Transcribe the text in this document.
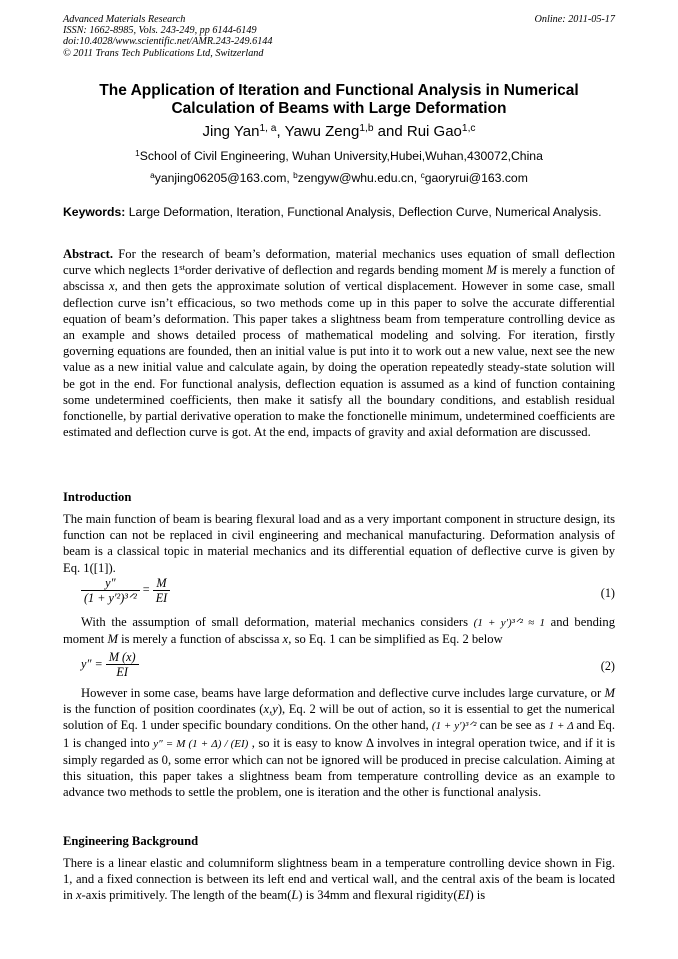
Advanced Materials Research
ISSN: 1662-8985, Vols. 243-249, pp 6144-6149
doi:10.4028/www.scientific.net/AMR.243-249.6144
© 2011 Trans Tech Publications Ltd, Switzerland
Online: 2011-05-17
The Application of Iteration and Functional Analysis in Numerical
Calculation of Beams with Large Deformation
Jing Yan$^{1, a}$, Yawu Zeng$^{1,b}$ and Rui Gao$^{1,c}$
$^1$School of Civil Engineering, Wuhan University,Hubei,Wuhan,430072,China
$^a$yanjing06205@163.com, $^b$zengyw@whu.edu.cn, $^c$gaoryrui@163.com
Keywords: Large Deformation, Iteration, Functional Analysis, Deflection Curve, Numerical Analysis.
Abstract. For the research of beam’s deformation, material mechanics uses equation of small deflection curve which neglects 1storder derivative of deflection and regards bending moment M is merely a function of abscissa x, and then gets the approximate solution of vertical displacement. However in some case, small deflection curve isn’t efficacious, so two methods come up in this paper to solve the accurate differential equation of beam’s deformation. This paper takes a slightness beam from temperature controlling device as an example and shows detailed process of mathematical modeling and solving. For iteration, firstly governing equations are founded, then an initial value is put into it to work out a new value, next see the new value as a new initial value and calculate again, by doing the operation repeatedly steady-state solution will be got in the end. For functional analysis, deflection equation is assumed as a kind of function containing some undetermined coefficients, then make it satisfy all the boundary conditions, and establish residual fonctionelle, by partial derivative operation to make the fonctionelle minimum, undetermined coefficients are estimated and deflection curve is got. At the end, impacts of gravity and axial deformation are discussed.
Introduction
The main function of beam is bearing flexural load and as a very important component in structure design, its function can not be replaced in civil engineering and mechanical manufacturing. Deformation analysis of beam is a classical topic in material mechanics and its differential equation of deflective curve is given by Eq. 1([1]).
$\frac{y''}{\text{(1 + y′²)³ᐟ²}} = \frac{M}{EI}$	(1)
With the assumption of small deformation, material mechanics considers (1 + y′)³ᐟ² ≈ 1 and bending moment M is merely a function of abscissa x, so Eq. 1 can be simplified as Eq. 2 below
$y'' = \frac{M (x)}{EI}$	(2)
However in some case, beams have large deformation and deflective curve includes large curvature, or M is the function of position coordinates (x,y), Eq. 2 will be out of action, so it is essential to get the numerical solution of Eq. 1 under specific boundary conditions. On the other hand, (1 + y′)³ᐟ² can be see as 1 + Δ and Eq. 1 is changed into y″ = M (1 + Δ) / (EI) , so it is easy to know Δ involves in integral operation twice, and if it is simply regarded as 0, some error which can not be ignored will be produced in precise calculation. Aiming at this situation, this paper takes a slightness beam from temperature controlling device as an example to advance two methods to settle the problem, one is iteration and the other is functional analysis.
Engineering Background
There is a linear elastic and columniform slightness beam in a temperature controlling device shown in Fig. 1, and a fixed connection is between its left end and vertical wall, and the central axis of the beam is located in x-axis primitively. The length of the beam(L) is 34mm and flexural rigidity(EI) is
